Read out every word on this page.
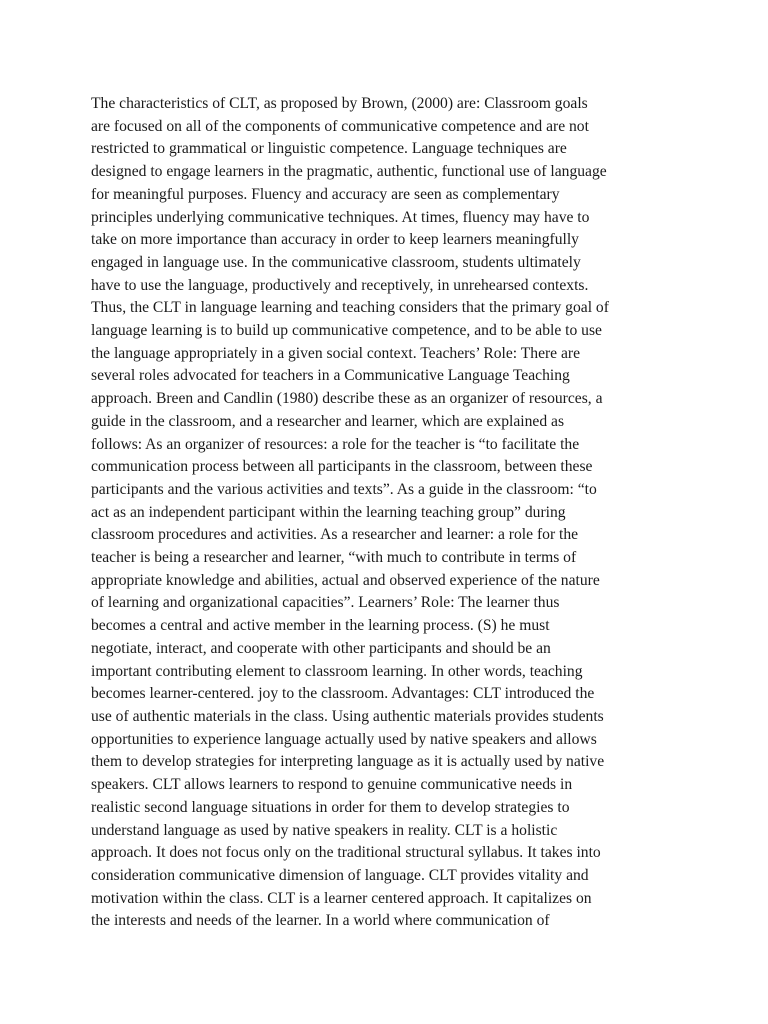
The characteristics of CLT, as proposed by Brown, (2000) are: Classroom goals
are focused on all of the components of communicative competence and are not
restricted to grammatical or linguistic competence. Language techniques are
designed to engage learners in the pragmatic, authentic, functional use of language
for meaningful purposes. Fluency and accuracy are seen as complementary
principles underlying communicative techniques. At times, fluency may have to
take on more importance than accuracy in order to keep learners meaningfully
engaged in language use. In the communicative classroom, students ultimately
have to use the language, productively and receptively, in unrehearsed contexts.
Thus, the CLT in language learning and teaching considers that the primary goal of
language learning is to build up communicative competence, and to be able to use
the language appropriately in a given social context. Teachers’ Role: There are
several roles advocated for teachers in a Communicative Language Teaching
approach. Breen and Candlin (1980) describe these as an organizer of resources, a
guide in the classroom, and a researcher and learner, which are explained as
follows: As an organizer of resources: a role for the teacher is “to facilitate the
communication process between all participants in the classroom, between these
participants and the various activities and texts”. As a guide in the classroom: “to
act as an independent participant within the learning teaching group” during
classroom procedures and activities. As a researcher and learner: a role for the
teacher is being a researcher and learner, “with much to contribute in terms of
appropriate knowledge and abilities, actual and observed experience of the nature
of learning and organizational capacities”. Learners’ Role: The learner thus
becomes a central and active member in the learning process. (S) he must
negotiate, interact, and cooperate with other participants and should be an
important contributing element to classroom learning. In other words, teaching
becomes learner-centered. joy to the classroom. Advantages: CLT introduced the
use of authentic materials in the class. Using authentic materials provides students
opportunities to experience language actually used by native speakers and allows
them to develop strategies for interpreting language as it is actually used by native
speakers. CLT allows learners to respond to genuine communicative needs in
realistic second language situations in order for them to develop strategies to
understand language as used by native speakers in reality. CLT is a holistic
approach. It does not focus only on the traditional structural syllabus. It takes into
consideration communicative dimension of language. CLT provides vitality and
motivation within the class. CLT is a learner centered approach. It capitalizes on
the interests and needs of the learner. In a world where communication of
